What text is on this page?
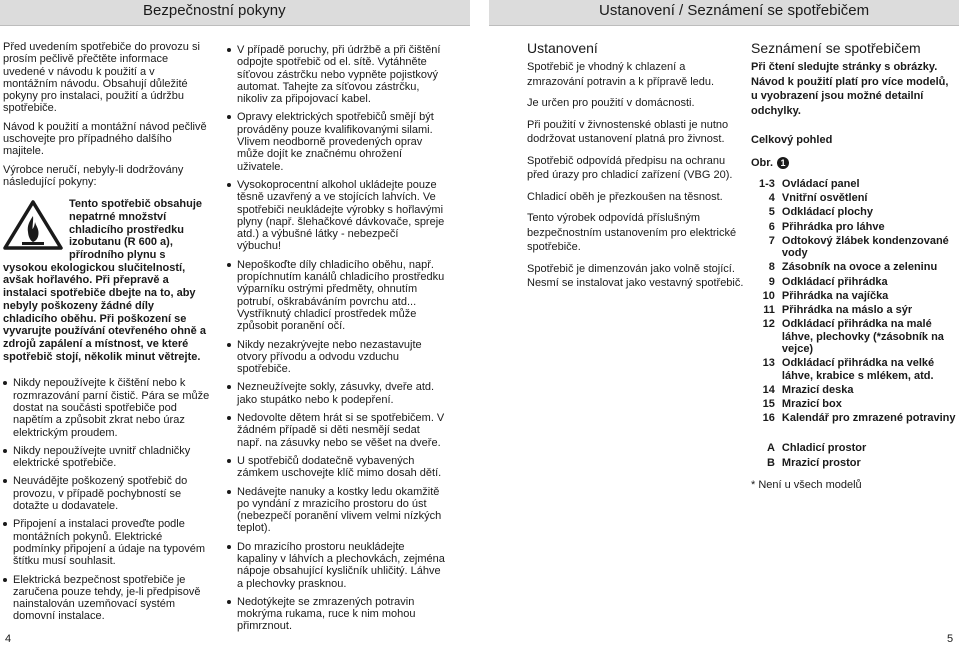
Bezpečnostní pokyny	Ustanovení / Seznámení se spotřebičem

Před uvedením spotřebiče do provozu si prosím pečlivě přečtěte informace uvedené v návodu k použití a v montážním návodu. Obsahují důležité pokyny pro instalaci, použití a údržbu spotřebiče.

Návod k použití a montážní návod pečlivě uschovejte pro případného dalšího majitele.

Výrobce neručí, nebyly-li dodržovány následující pokyny:

Tento spotřebič obsahuje nepatrné množství chladicího prostředku izobutanu (R 600 a), přírodního plynu s vysokou ekologickou slučitelností, avšak hořlavého. Při přepravě a instalaci spotřebiče dbejte na to, aby nebyly poškozeny žádné díly chladicího oběhu. Při poškození se vyvarujte používání otevřeného ohně a zdrojů zapálení a místnost, ve které spotřebič stojí, několik minut větrejte.
Nikdy nepoužívejte k čištění nebo k rozmrazování parní čistič. Pára se může dostat na součásti spotřebiče pod napětím a způsobit zkrat nebo úraz elektrickým proudem.
Nikdy nepoužívejte uvnitř chladničky elektrické spotřebiče.
Neuvádějte poškozený spotřebič do provozu, v případě pochybností se dotažte u dodavatele.
Připojení a instalaci proveďte podle montážních pokynů. Elektrické podmínky připojení a údaje na typovém štítku musí souhlasit.
Elektrická bezpečnost spotřebiče je zaručena pouze tehdy, je-li předpisově nainstalován uzemňovací systém domovní instalace.
V případě poruchy, při údržbě a při čištění odpojte spotřebič od el. sítě. Vytáhněte síťovou zástrčku nebo vypněte pojistkový automat. Tahejte za síťovou zástrčku, nikoliv za připojovací kabel.
Opravy elektrických spotřebičů smějí být prováděny pouze kvalifikovanými silami. Vlivem neodborně provedených oprav může dojít ke značnému ohrožení uživatele.
Vysokoprocentní alkohol ukládejte pouze těsně uzavřený a ve stojících lahvích. Ve spotřebiči neukládejte výrobky s hořlavými plyny (např. šlehačkové dávkovače, spreje atd.) a výbušné látky - nebezpečí výbuchu!
Nepoškoďte díly chladicího oběhu, např. propíchnutím kanálů chladicího prostředku výparníku ostrými předměty, ohnutím potrubí, oškrabáváním povrchu atd... Vystříknutý chladicí prostředek může způsobit poranění očí.
Nikdy nezakrývejte nebo nezastavujte otvory přívodu a odvodu vzduchu spotřebiče.
Nezneužívejte sokly, zásuvky, dveře atd. jako stupátko nebo k podepření.
Nedovolte dětem hrát si se spotřebičem. V žádném případě si děti nesmějí sedat např. na zásuvky nebo se věšet na dveře.
U spotřebičů dodatečně vybavených zámkem uschovejte klíč mimo dosah dětí.
Nedávejte nanuky a kostky ledu okamžitě po vyndání z mrazicího prostoru do úst (nebezpečí poranění vlivem velmi nízkých teplot).
Do mrazicího prostoru neukládejte kapaliny v láhvích a plechovkách, zejména nápoje obsahující kysličník uhličitý. Láhve a plechovky prasknou.
Nedotýkejte se zmrazených potravin mokrýma rukama, ruce k nim mohou přimrznout.
Ustanovení

Spotřebič je vhodný k chlazení a zmrazování potravin a k přípravě ledu.

Je určen pro použití v domácnosti.

Při použití v živnostenské oblasti je nutno dodržovat ustanovení platná pro živnost.

Spotřebič odpovídá předpisu na ochranu před úrazy pro chladicí zařízení (VBG 20).

Chladicí oběh je přezkoušen na těsnost.

Tento výrobek odpovídá příslušným bezpečnostním ustanovením pro elektrické spotřebiče.

Spotřebič je dimenzován jako volně stojící. Nesmí se instalovat jako vestavný spotřebič.

Seznámení se spotřebičem
Při čtení sledujte stránky s obrázky. Návod k použití platí pro více modelů, u vyobrazení jsou možné detailní odchylky.
Celkový pohled
Obr. 1
1-3	Ovládací panel
4	Vnitřní osvětlení
5	Odkládací plochy
6	Přihrádka pro láhve
7	Odtokový žlábek kondenzované vody
8	Zásobník na ovoce a zeleninu
9	Odkládací přihrádka
10	Přihrádka na vajíčka
11	Přihrádka na máslo a sýr
12	Odkládací přihrádka na malé láhve, plechovky (*zásobník na vejce)
13	Odkládací přihrádka na velké láhve, krabice s mlékem, atd.
14	Mrazicí deska
15	Mrazicí box
16	Kalendář pro zmrazené potraviny

A	Chladicí prostor
B	Mrazicí prostor
* Není u všech modelů
4	5
